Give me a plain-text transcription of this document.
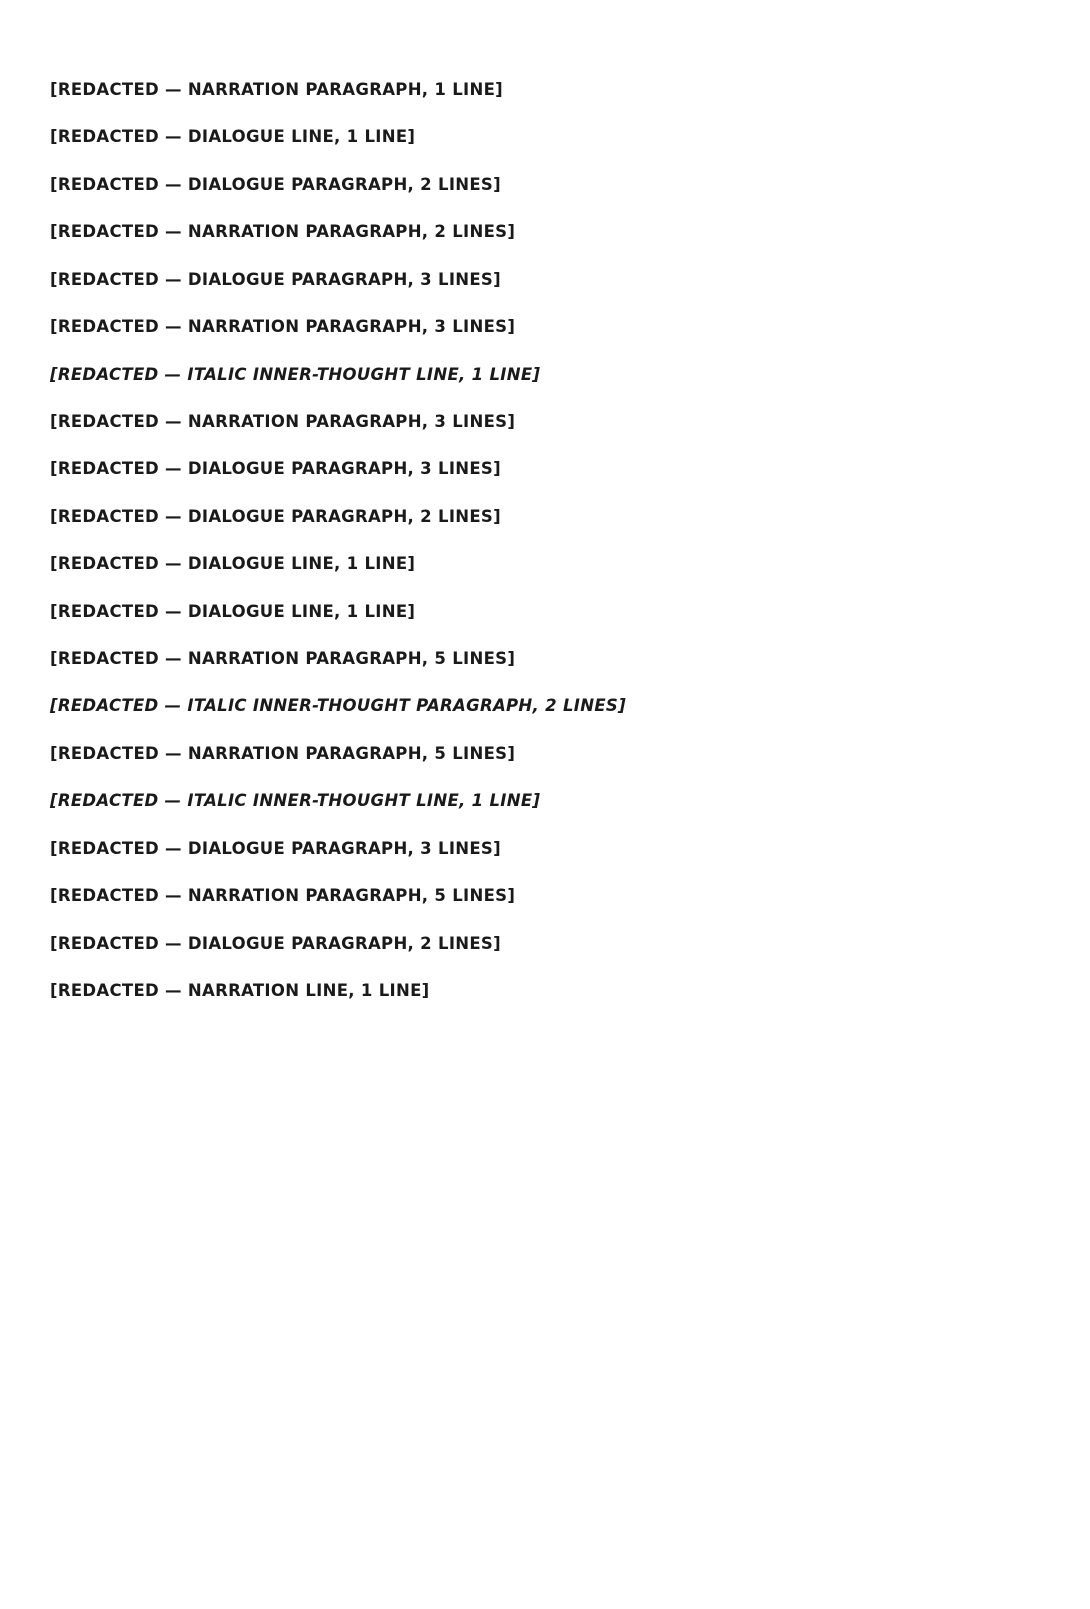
[REDACTED — NARRATION PARAGRAPH, 1 LINE]

[REDACTED — DIALOGUE LINE, 1 LINE]

[REDACTED — DIALOGUE PARAGRAPH, 2 LINES]

[REDACTED — NARRATION PARAGRAPH, 2 LINES]

[REDACTED — DIALOGUE PARAGRAPH, 3 LINES]

[REDACTED — NARRATION PARAGRAPH, 3 LINES]

[REDACTED — ITALIC INNER-THOUGHT LINE, 1 LINE]

[REDACTED — NARRATION PARAGRAPH, 3 LINES]

[REDACTED — DIALOGUE PARAGRAPH, 3 LINES]

[REDACTED — DIALOGUE PARAGRAPH, 2 LINES]

[REDACTED — DIALOGUE LINE, 1 LINE]

[REDACTED — DIALOGUE LINE, 1 LINE]

[REDACTED — NARRATION PARAGRAPH, 5 LINES]

[REDACTED — ITALIC INNER-THOUGHT PARAGRAPH, 2 LINES]

[REDACTED — NARRATION PARAGRAPH, 5 LINES]

[REDACTED — ITALIC INNER-THOUGHT LINE, 1 LINE]

[REDACTED — DIALOGUE PARAGRAPH, 3 LINES]

[REDACTED — NARRATION PARAGRAPH, 5 LINES]

[REDACTED — DIALOGUE PARAGRAPH, 2 LINES]

[REDACTED — NARRATION LINE, 1 LINE]
